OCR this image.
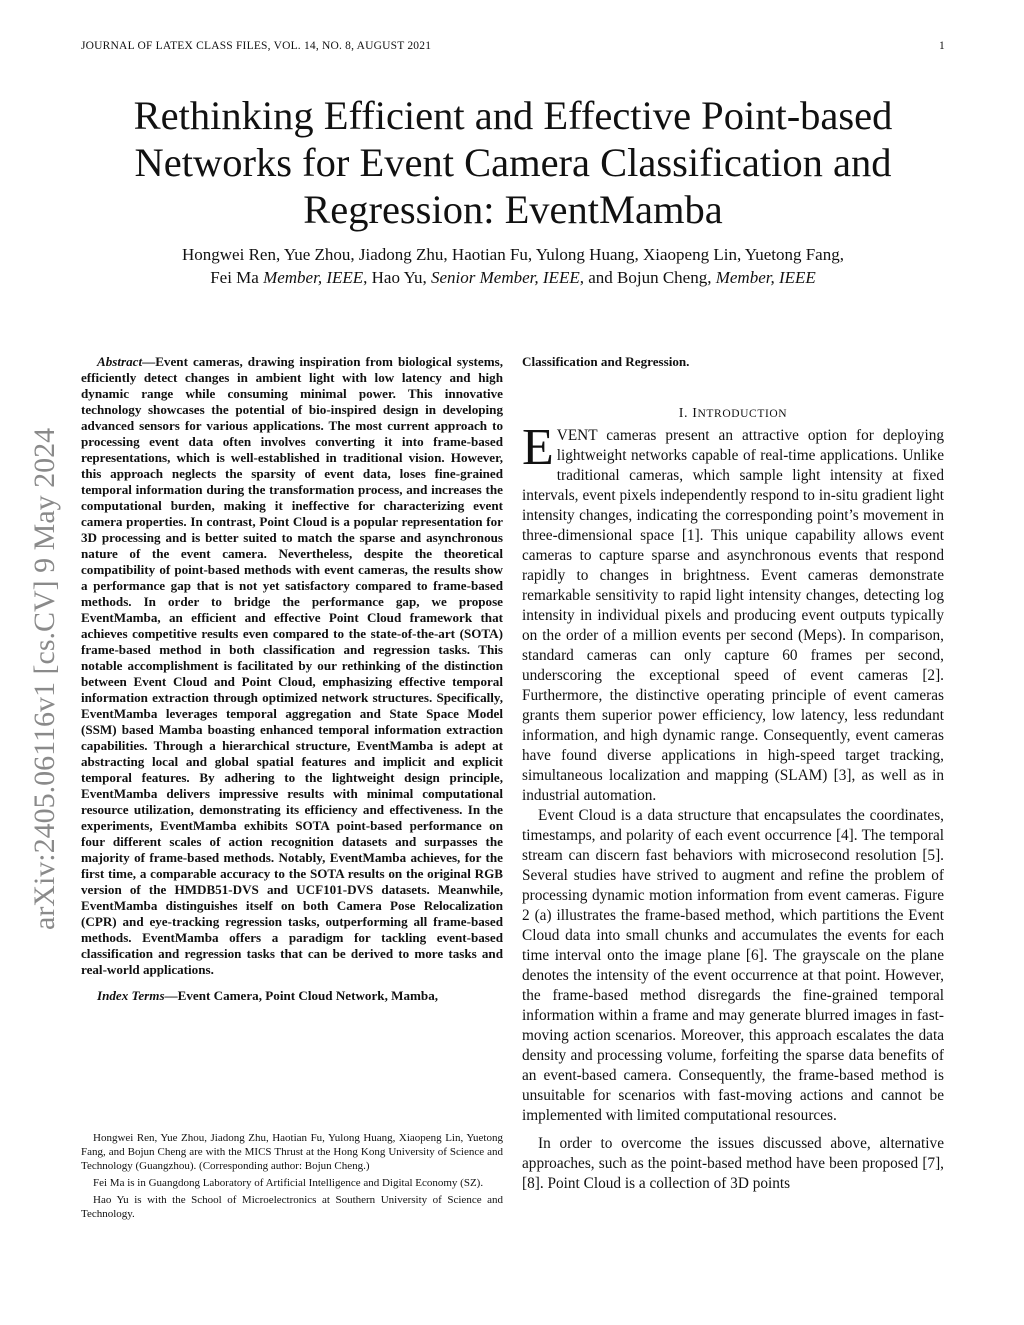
JOURNAL OF LATEX CLASS FILES, VOL. 14, NO. 8, AUGUST 2021	1
Rethinking Efficient and Effective Point-based Networks for Event Camera Classification and Regression: EventMamba
Hongwei Ren, Yue Zhou, Jiadong Zhu, Haotian Fu, Yulong Huang, Xiaopeng Lin, Yuetong Fang,
Fei Ma Member, IEEE, Hao Yu, Senior Member, IEEE, and Bojun Cheng, Member, IEEE
arXiv:2405.06116v1 [cs.CV] 9 May 2024

Abstract—Event cameras, drawing inspiration from biological systems, efficiently detect changes in ambient light with low latency and high dynamic range while consuming minimal power. This innovative technology showcases the potential of bio-inspired design in developing advanced sensors for various applications. The most current approach to processing event data often involves converting it into frame-based representations, which is well-established in traditional vision. However, this approach neglects the sparsity of event data, loses fine-grained temporal information during the transformation process, and increases the computational burden, making it ineffective for characterizing event camera properties. In contrast, Point Cloud is a popular representation for 3D processing and is better suited to match the sparse and asynchronous nature of the event camera. Nevertheless, despite the theoretical compatibility of point-based methods with event cameras, the results show a performance gap that is not yet satisfactory compared to frame-based methods. In order to bridge the performance gap, we propose EventMamba, an efficient and effective Point Cloud framework that achieves competitive results even compared to the state-of-the-art (SOTA) frame-based method in both classification and regression tasks. This notable accomplishment is facilitated by our rethinking of the distinction between Event Cloud and Point Cloud, emphasizing effective temporal information extraction through optimized network structures. Specifically, EventMamba leverages temporal aggregation and State Space Model (SSM) based Mamba boasting enhanced temporal information extraction capabilities. Through a hierarchical structure, EventMamba is adept at abstracting local and global spatial features and implicit and explicit temporal features. By adhering to the lightweight design principle, EventMamba delivers impressive results with minimal computational resource utilization, demonstrating its efficiency and effectiveness. In the experiments, EventMamba exhibits SOTA point-based performance on four different scales of action recognition datasets and surpasses the majority of frame-based methods. Notably, EventMamba achieves, for the first time, a comparable accuracy to the SOTA results on the original RGB version of the HMDB51-DVS and UCF101-DVS datasets. Meanwhile, EventMamba distinguishes itself on both Camera Pose Relocalization (CPR) and eye-tracking regression tasks, outperforming all frame-based methods. EventMamba offers a paradigm for tackling event-based classification and regression tasks that can be derived to more tasks and real-world applications.

Index Terms—Event Camera, Point Cloud Network, Mamba,

Hongwei Ren, Yue Zhou, Jiadong Zhu, Haotian Fu, Yulong Huang, Xiaopeng Lin, Yuetong Fang, and Bojun Cheng are with the MICS Thrust at the Hong Kong University of Science and Technology (Guangzhou). (Corresponding author: Bojun Cheng.)

Fei Ma is in Guangdong Laboratory of Artificial Intelligence and Digital Economy (SZ).

Hao Yu is with the School of Microelectronics at Southern University of Science and Technology.

Classification and Regression.

I. INTRODUCTION

EVENT cameras present an attractive option for deploying lightweight networks capable of real-time applications. Unlike traditional cameras, which sample light intensity at fixed intervals, event pixels independently respond to in-situ gradient light intensity changes, indicating the corresponding point’s movement in three-dimensional space [1]. This unique capability allows event cameras to capture sparse and asynchronous events that respond rapidly to changes in brightness. Event cameras demonstrate remarkable sensitivity to rapid light intensity changes, detecting log intensity in individual pixels and producing event outputs typically on the order of a million events per second (Meps). In comparison, standard cameras can only capture 60 frames per second, underscoring the exceptional speed of event cameras [2]. Furthermore, the distinctive operating principle of event cameras grants them superior power efficiency, low latency, less redundant information, and high dynamic range. Consequently, event cameras have found diverse applications in high-speed target tracking, simultaneous localization and mapping (SLAM) [3], as well as in industrial automation.

Event Cloud is a data structure that encapsulates the coordinates, timestamps, and polarity of each event occurrence [4]. The temporal stream can discern fast behaviors with microsecond resolution [5]. Several studies have strived to augment and refine the problem of processing dynamic motion information from event cameras. Figure 2 (a) illustrates the frame-based method, which partitions the Event Cloud data into small chunks and accumulates the events for each time interval onto the image plane [6]. The grayscale on the plane denotes the intensity of the event occurrence at that point. However, the frame-based method disregards the fine-grained temporal information within a frame and may generate blurred images in fast-moving action scenarios. Moreover, this approach escalates the data density and processing volume, forfeiting the sparse data benefits of an event-based camera. Consequently, the frame-based method is unsuitable for scenarios with fast-moving actions and cannot be implemented with limited computational resources.

In order to overcome the issues discussed above, alternative approaches, such as the point-based method have been proposed [7], [8]. Point Cloud is a collection of 3D points
